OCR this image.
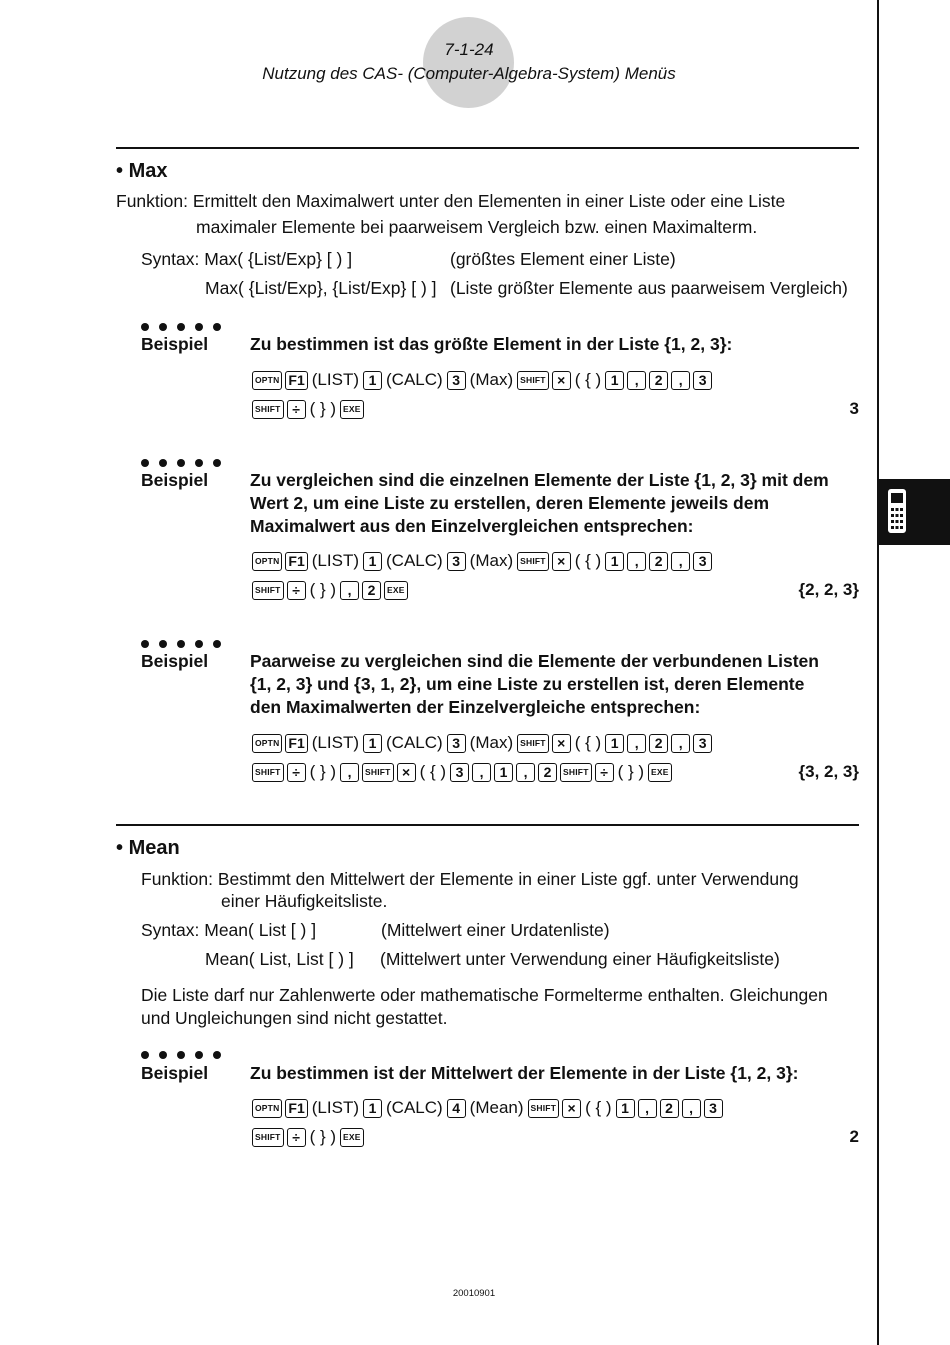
7-1-24
Nutzung des CAS- (Computer-Algebra-System) Menüs
• Max
Funktion: Ermittelt den Maximalwert unter den Elementen in einer Liste oder eine Liste
maximaler Elemente bei paarweisem Vergleich bzw. einen Maximalterm.
Syntax: Max( {List/Exp} [ ) ]	(größtes Element einer Liste)
Max( {List/Exp}, {List/Exp} [ ) ] (Liste größter Elemente aus paarweisem Vergleich)
Beispiel Zu bestimmen ist das größte Element in der Liste {1, 2, 3}:
OPTN F1 (LIST) 1 (CALC) 3 (Max) SHIFT × ( { ) 1	,	2	,	3
SHIFT ÷ ( } ) EXE	3
Beispiel Zu vergleichen sind die einzelnen Elemente der Liste {1, 2, 3} mit dem
Wert 2, um eine Liste zu erstellen, deren Elemente jeweils dem
Maximalwert aus den Einzelvergleichen entsprechen:
OPTN F1 (LIST) 1 (CALC) 3 (Max) SHIFT × ( { ) 1	,	2	,	3
SHIFT ÷ ( } ) ,	2	EXE	{2, 2, 3}
Beispiel Paarweise zu vergleichen sind die Elemente der verbundenen Listen
{1, 2, 3} und {3, 1, 2}, um eine Liste zu erstellen ist, deren Elemente
den Maximalwerten der Einzelvergleiche entsprechen:
OPTN F1 (LIST) 1 (CALC) 3 (Max) SHIFT × ( { ) 1	,	2	,	3
SHIFT ÷ ( } ) ,	SHIFT × ( { ) 3	,	1	,	2	SHIFT ÷ ( } ) EXE	{3, 2, 3}
• Mean
Funktion: Bestimmt den Mittelwert der Elemente in einer Liste ggf. unter Verwendung
einer Häufigkeitsliste.
Syntax: Mean( List [ ) ]	(Mittelwert einer Urdatenliste)
Mean( List, List [ ) ] (Mittelwert unter Verwendung einer Häufigkeitsliste)
Die Liste darf nur Zahlenwerte oder mathematische Formelterme enthalten. Gleichungen
und Ungleichungen sind nicht gestattet.
Beispiel Zu bestimmen ist der Mittelwert der Elemente in der Liste {1, 2, 3}:
OPTN F1 (LIST) 1 (CALC) 4 (Mean) SHIFT × ( { ) 1	,	2	,	3
SHIFT ÷ ( } ) EXE	2
20010901
